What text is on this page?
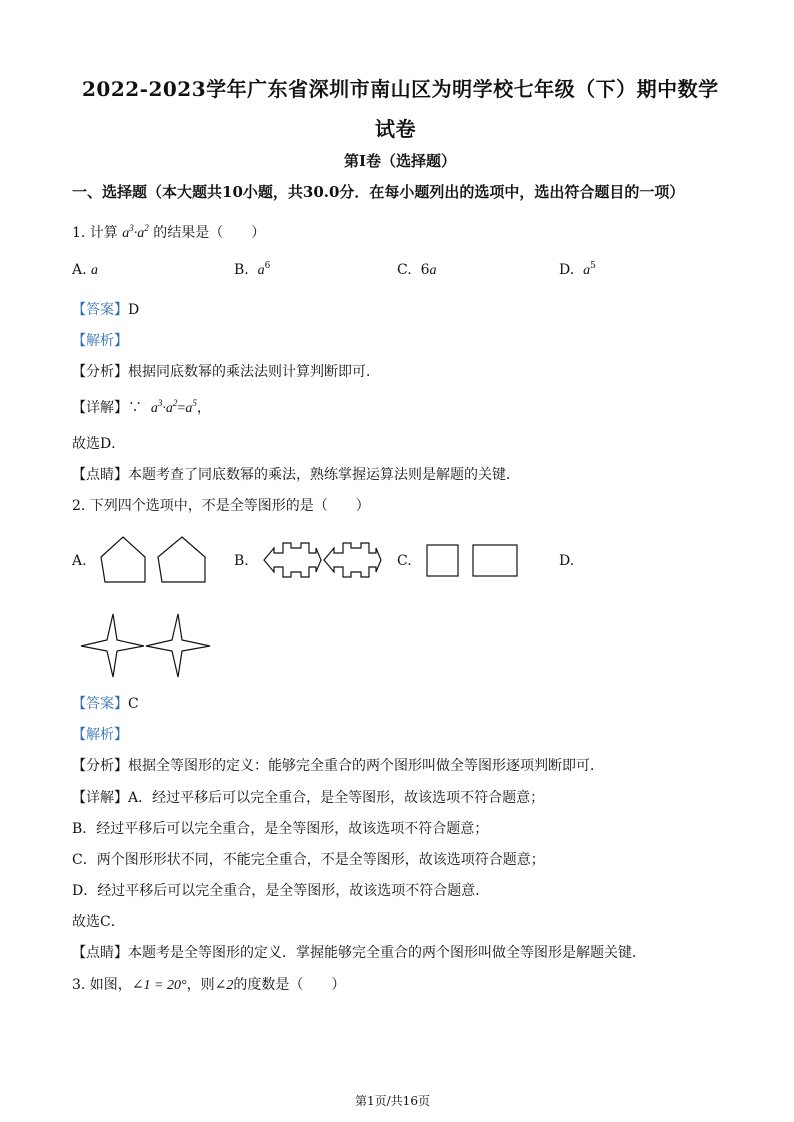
2022-2023学年广东省深圳市南山区为明学校七年级（下）期中数学
试卷
第I卷（选择题）
一、选择题（本大题共10小题，共30.0分．在每小题列出的选项中，选出符合题目的一项）
1. 计算 $a^3\cdot a^2$ 的结果是（　　）
A. a	B. $a^6$	C. 6a	D. $a^5$
【答案】D
【解析】
【分析】根据同底数幂的乘法法则计算判断即可．
【详解】∵ $a^3\cdot a^2=a^5$，
故选D．
【点睛】本题考查了同底数幂的乘法，熟练掌握运算法则是解题的关键．
2. 下列四个选项中，不是全等图形的是（　　）
A.	B.	C.	D.
【答案】C
【解析】
【分析】根据全等图形的定义：能够完全重合的两个图形叫做全等图形逐项判断即可．
【详解】A．经过平移后可以完全重合，是全等图形，故该选项不符合题意；
B．经过平移后可以完全重合，是全等图形，故该选项不符合题意；
C．两个图形形状不同，不能完全重合，不是全等图形，故该选项符合题意；
D．经过平移后可以完全重合，是全等图形，故该选项不符合题意．
故选C．
【点睛】本题考是全等图形的定义．掌握能够完全重合的两个图形叫做全等图形是解题关键．
3. 如图，∠1 = 20°，则∠2的度数是（　　）
第1页/共16页
